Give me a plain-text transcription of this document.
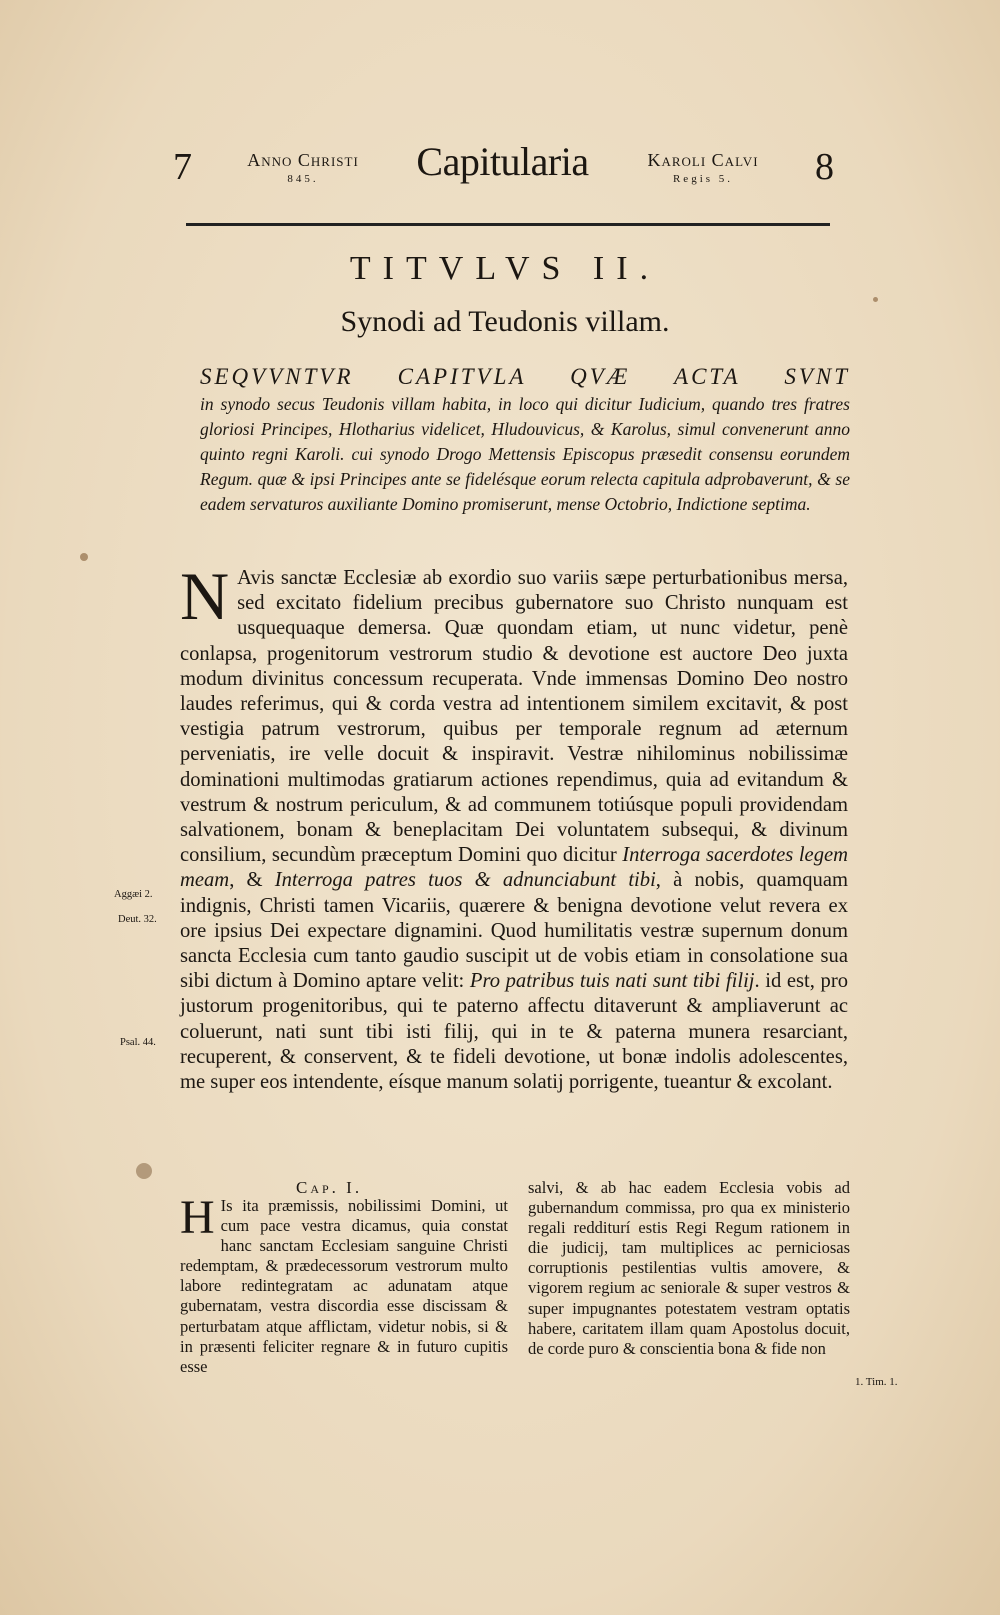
7	Anno Christi
845.	Capitularia	Karoli Calvi
Regis 5.	8
TITVLVS II.
Synodi ad Teudonis villam.
SEQVVNTVR CAPITVLA QVÆ ACTA SVNT
in synodo secus Teudonis villam habita, in loco qui dicitur Iudicium, quando tres fratres gloriosi Principes, Hlotharius videlicet, Hludouvicus, & Karolus, simul convenerunt anno quinto regni Karoli. cui synodo Drogo Mettensis Episcopus præsedit consensu eorundem Regum. quæ & ipsi Principes ante se fidelésque eorum relecta capitula adprobaverunt, & se eadem servaturos auxiliante Domino promiserunt, mense Octobrio, Indictione septima.
N Avis sanctæ Ecclesiæ ab exordio suo variis sæpe perturbationibus mersa, sed excitato fidelium precibus gubernatore suo Christo nunquam est usquequaque demersa. Quæ quondam etiam, ut nunc videtur, penè conlapsa, progenitorum vestrorum studio & devotione est auctore Deo juxta modum divinitus concessum recuperata. Vnde immensas Domino Deo nostro laudes referimus, qui & corda vestra ad intentionem similem excitavit, & post vestigia patrum vestrorum, quibus per temporale regnum ad æternum perveniatis, ire velle docuit & inspiravit. Vestræ nihilominus nobilissimæ dominationi multimodas gratiarum actiones rependimus, quia ad evitandum & vestrum & nostrum periculum, & ad communem totiúsque populi providendam salvationem, bonam & beneplacitam Dei voluntatem subsequi, & divinum consilium, secundùm præceptum Domini quo dicitur Interroga sacerdotes legem meam, & Interroga patres tuos & adnunciabunt tibi, à nobis, quamquam indignis, Christi tamen Vicariis, quærere & benigna devotione velut revera ex ore ipsius Dei expectare dignamini. Quod humilitatis vestræ supernum donum sancta Ecclesia cum tanto gaudio suscipit ut de vobis etiam in consolatione sua sibi dictum à Domino aptare velit: Pro patribus tuis nati sunt tibi filij. id est, pro justorum progenitoribus, qui te paterno affectu ditaverunt & ampliaverunt ac coluerunt, nati sunt tibi isti filij, qui in te & paterna munera resarciant, recuperent, & conservent, & te fideli devotione, ut bonæ indolis adolescentes, me super eos intendente, eísque manum solatij porrigente, tueantur & excolant.
Aggæi 2.
Deut. 32.
Psal. 44.
Cap. I.
H Is ita præmissis, nobilissimi Domini, ut cum pace vestra dicamus, quia constat hanc sanctam Ecclesiam sanguine Christi redemptam, & prædecessorum vestrorum multo labore redintegratam ac adunatam atque gubernatam, vestra discordia esse discissam & perturbatam atque afflictam, videtur nobis, si & in præsenti feliciter regnare & in futuro cupitis esse
salvi, & ab hac eadem Ecclesia vobis ad gubernandum commissa, pro qua ex ministerio regali redditurí estis Regi Regum rationem in die judicij, tam multiplices ac perniciosas corruptionis pestilentias vultis amovere, & vigorem regium ac seniorale & super vestros & super impugnantes potestatem vestram optatis habere, caritatem illam quam Apostolus docuit, de corde puro & conscientia bona & fide non
1. Tim. 1.
